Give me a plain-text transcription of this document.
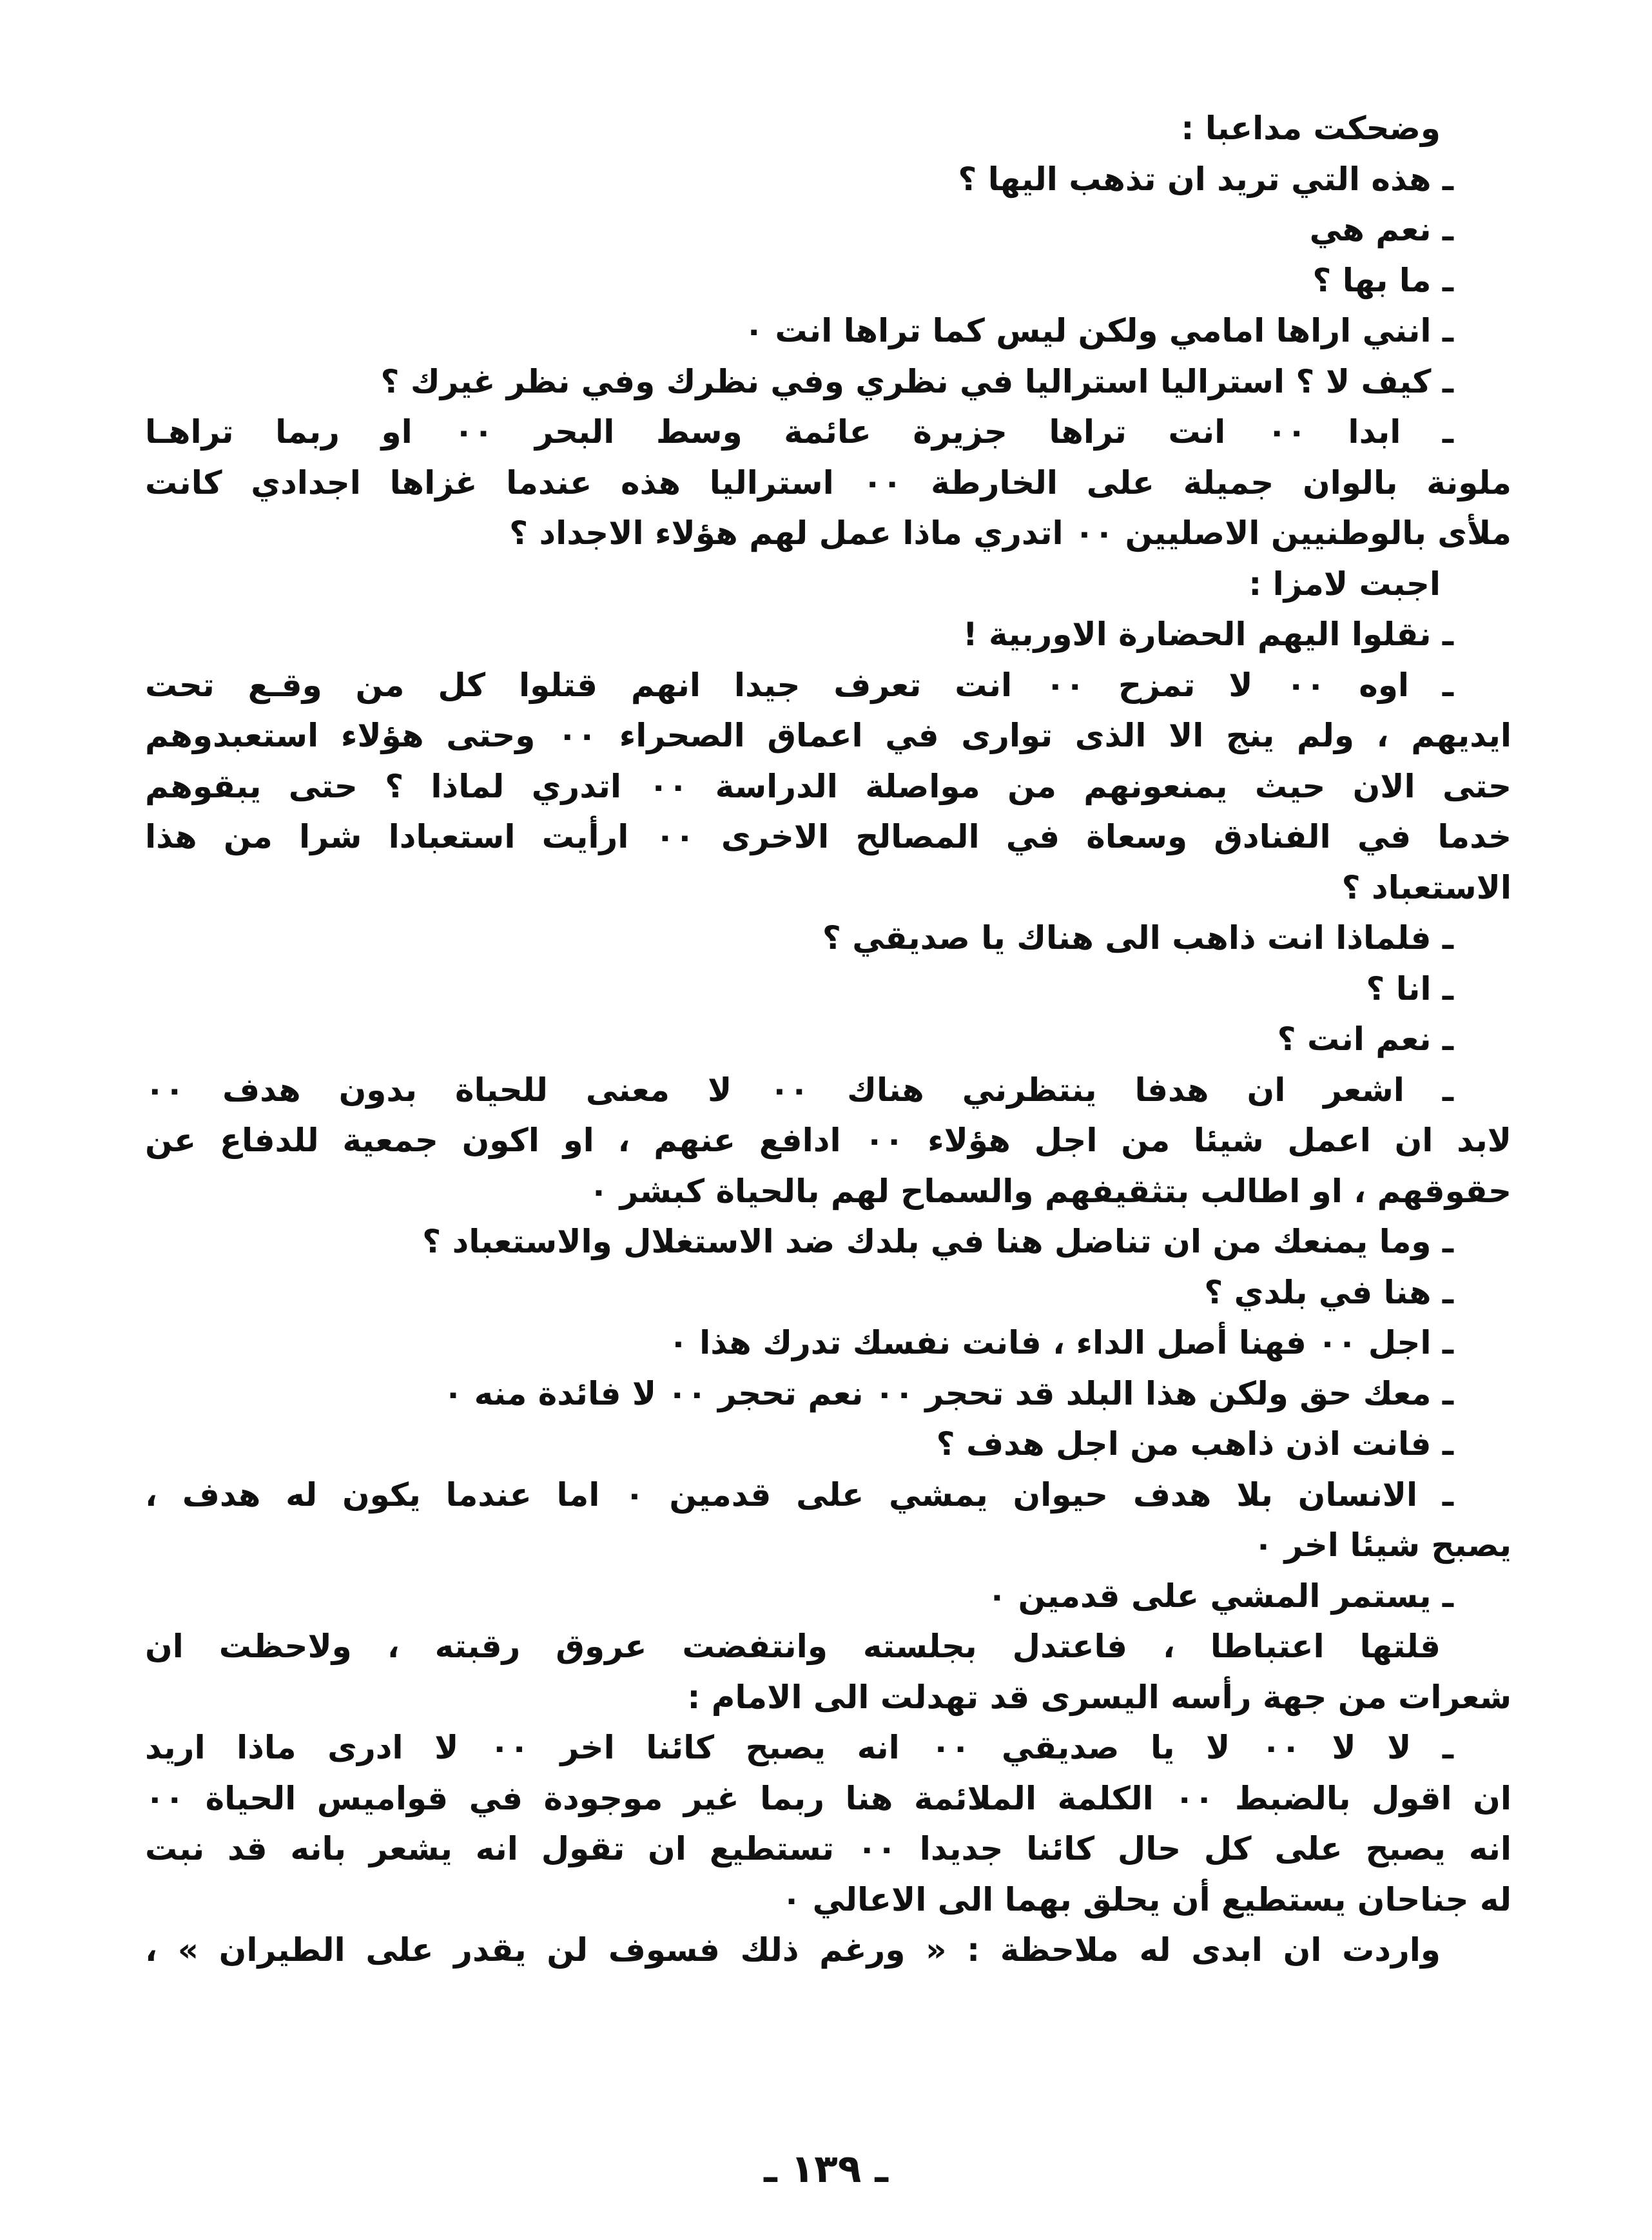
وضحكت مداعبا :
ـ هذه التي تريد ان تذهب اليها ؟
ـ نعم هي
ـ ما بها ؟
ـ انني اراها امامي ولكن ليس كما تراها انت ٠
ـ كيف لا ؟ استراليا استراليا في نظري وفي نظرك وفي نظر غيرك ؟
ـ ابدا ٠٠ انت تراها جزيرة عائمة وسط البحر ٠٠ او ربما تراهـا
ملونة بالوان جميلة على الخارطة ٠٠ استراليا هذه عندما غزاها اجدادي كانت
ملأى بالوطنيين الاصليين ٠٠ اتدري ماذا عمل لهم هؤلاء الاجداد ؟
اجبت لامزا :
ـ نقلوا اليهم الحضارة الاوربية !
ـ اوه ٠٠ لا تمزح ٠٠ انت تعرف جيدا انهم قتلوا كل من وقـع تحت
ايديهم ، ولم ينج الا الذى توارى في اعماق الصحراء ٠٠ وحتى هؤلاء استعبدوهم
حتى الان حيث يمنعونهم من مواصلة الدراسة ٠٠ اتدري لماذا ؟ حتى يبقوهم
خدما في الفنادق وسعاة في المصالح الاخرى ٠٠ ارأيت استعبادا شرا من هذا
الاستعباد ؟
ـ فلماذا انت ذاهب الى هناك يا صديقي ؟
ـ انا ؟
ـ نعم انت ؟
ـ اشعر ان هدفا ينتظرني هناك ٠٠ لا معنى للحياة بدون هدف ٠٠
لابد ان اعمل شيئا من اجل هؤلاء ٠٠ ادافع عنهم ، او اكون جمعية للدفاع عن
حقوقهم ، او اطالب بتثقيفهم والسماح لهم بالحياة كبشر ٠
ـ وما يمنعك من ان تناضل هنا في بلدك ضد الاستغلال والاستعباد ؟
ـ هنا في بلدي ؟
ـ اجل ٠٠ فهنا أصل الداء ، فانت نفسك تدرك هذا ٠
ـ معك حق ولكن هذا البلد قد تحجر ٠٠ نعم تحجر ٠٠ لا فائدة منه ٠
ـ فانت اذن ذاهب من اجل هدف ؟
ـ الانسان بلا هدف حيوان يمشي على قدمين ٠ اما عندما يكون له هدف ،
يصبح شيئا اخر ٠
ـ يستمر المشي على قدمين ٠
قلتها اعتباطا ، فاعتدل بجلسته وانتفضت عروق رقبته ، ولاحظت ان
شعرات من جهة رأسه اليسرى قد تهدلت الى الامام :
ـ لا لا ٠٠ لا يا صديقي ٠٠ انه يصبح كائنا اخر ٠٠ لا ادرى ماذا اريد
ان اقول بالضبط ٠٠ الكلمة الملائمة هنا ربما غير موجودة في قواميس الحياة ٠٠
انه يصبح على كل حال كائنا جديدا ٠٠ تستطيع ان تقول انه يشعر بانه قد نبت
له جناحان يستطيع أن يحلق بهما الى الاعالي ٠
واردت ان ابدى له ملاحظة : « ورغم ذلك فسوف لن يقدر على الطيران » ،
ـ ١٣٩ ـ
